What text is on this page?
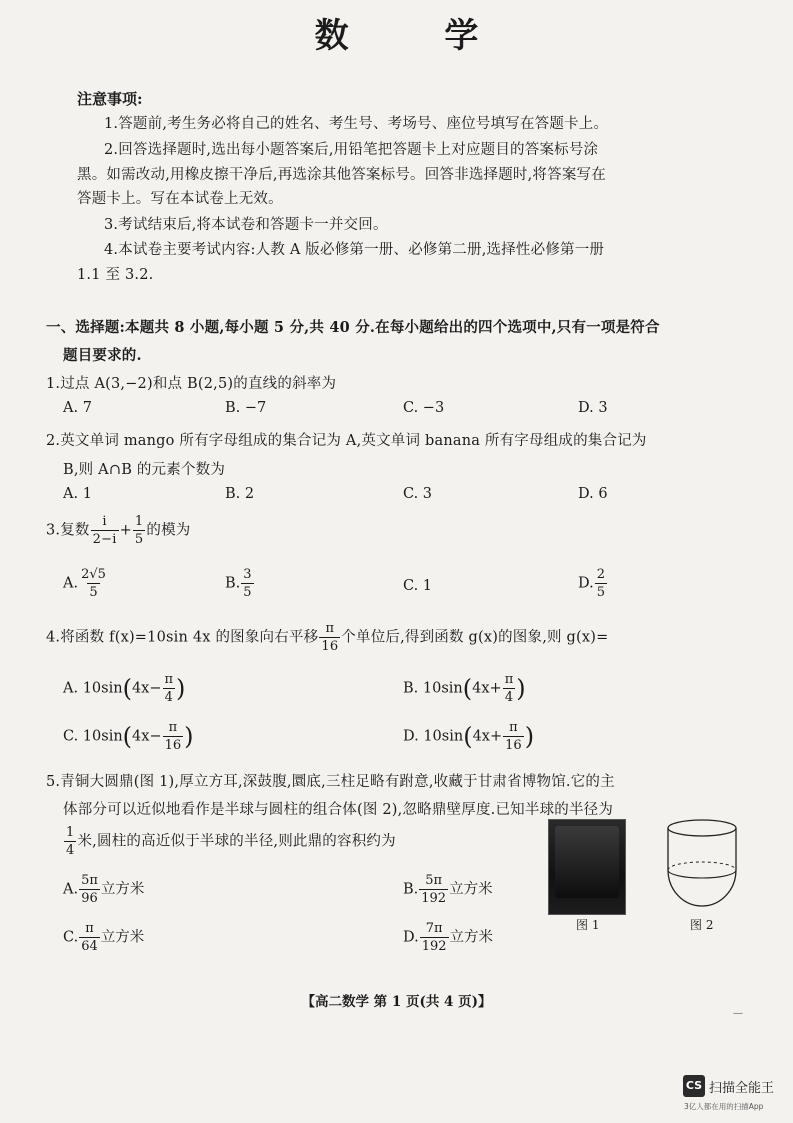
数 学
注意事项:
1.答题前,考生务必将自己的姓名、考生号、考场号、座位号填写在答题卡上。
2.回答选择题时,选出每小题答案后,用铅笔把答题卡上对应题目的答案标号涂
黑。如需改动,用橡皮擦干净后,再选涂其他答案标号。回答非选择题时,将答案写在
答题卡上。写在本试卷上无效。
3.考试结束后,将本试卷和答题卡一并交回。
4.本试卷主要考试内容:人教 A 版必修第一册、必修第二册,选择性必修第一册
1.1 至 3.2.
一、选择题:本题共 8 小题,每小题 5 分,共 40 分.在每小题给出的四个选项中,只有一项是符合
题目要求的.
1.过点 A(3,−2)和点 B(2,5)的直线的斜率为
A. 7	B. −7	C. −3	D. 3
2.英文单词 mango 所有字母组成的集合记为 A,英文单词 banana 所有字母组成的集合记为
B,则 A∩B 的元素个数为
A. 1	B. 2	C. 3	D. 6
3.复数 $\frac{i}{2-i} + \frac{1}{5}$ 的模为
A. $\frac{2√5}{5}$	B. $\frac{3}{5}$	C. 1	D. $\frac{2}{5}$
4.将函数 f(x)=10sin 4x 的图象向右平移 $\frac{\pi}{16}$ 个单位后,得到函数 g(x)的图象,则 g(x)=
A. $10\sin(4x- \frac{\pi}{4}$ )	B. $10\sin(4x+ \frac{\pi}{4}$ )
C. $10\sin(4x- \frac{\pi}{16}$ )	D. $10\sin(4x+ \frac{\pi}{16}$ )
5.青铜大圆鼎(图 1),厚立方耳,深鼓腹,圜底,三柱足略有跗意,收藏于甘肃省博物馆.它的主
体部分可以近似地看作是半球与圆柱的组合体(图 2),忽略鼎壁厚度.已知半球的半径为
$\frac{1}{4}$ 米,圆柱的高近似于半球的半径,则此鼎的容积约为
A. $\frac{5\pi}{96}$ 立方米	B. $\frac{5\pi}{192}$ 立方米
C. $\frac{\pi}{64}$ 立方米	D. $\frac{7\pi}{192}$ 立方米
图 1	图 2
【高二数学 第 1 页(共 4 页)】
—
CS 扫描全能王
3亿人都在用的扫描App
